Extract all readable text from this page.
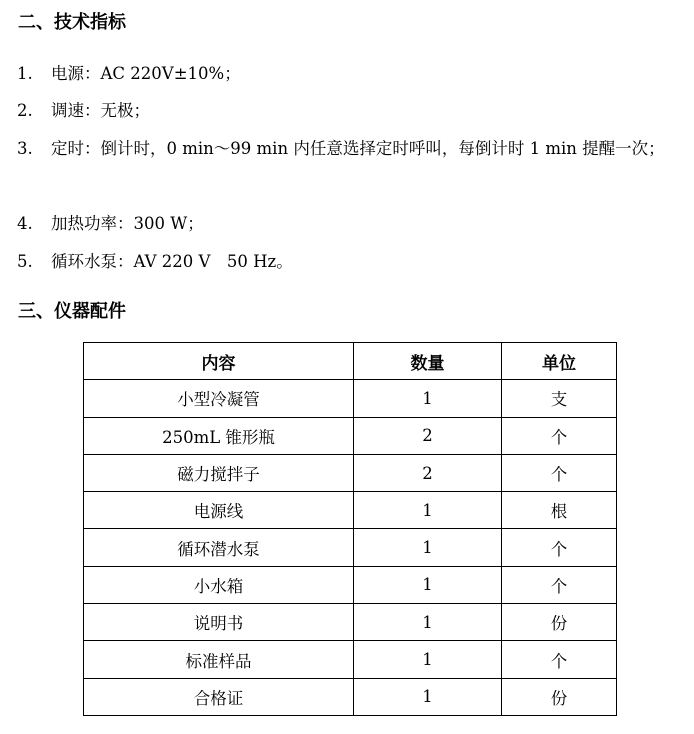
二、技术指标
1. 电源：AC 220V±10%；
2. 调速：无极；
3. 定时：倒计时，0 min～99 min 内任意选择定时呼叫，每倒计时 1 min 提醒一次；
4. 加热功率：300 W；
5. 循环水泵：AV 220 V　50 Hz。
三、仪器配件
内容	数量	单位
小型冷凝管	1	支
250mL 锥形瓶	2	个
磁力搅拌子	2	个
电源线	1	根
循环潜水泵	1	个
小水箱	1	个
说明书	1	份
标准样品	1	个
合格证	1	份
